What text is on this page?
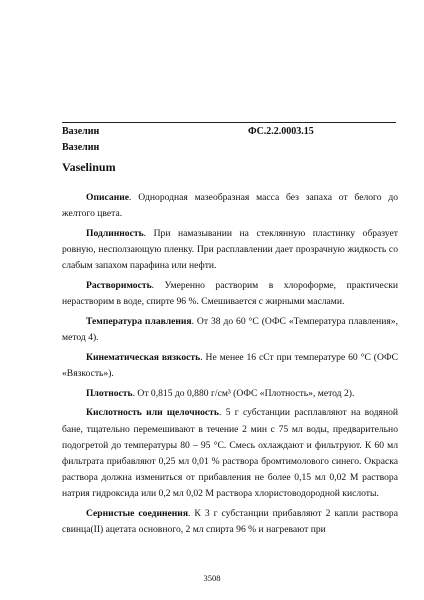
Вазелин	ФС.2.2.0003.15
Вазелин
Vaselinum

Описание. Однородная мазеобразная масса без запаха от белого до желтого цвета.

Подлинность. При намазывании на стеклянную пластинку образует ровную, несползающую пленку. При расплавлении дает прозрачную жидкость со слабым запахом парафина или нефти.

Растворимость. Умеренно растворим в хлороформе, практически нерастворим в воде, спирте 96 %. Смешивается с жирными маслами.

Температура плавления. От 38 до 60 °С (ОФС «Температура плавления», метод 4).

Кинематическая вязкость. Не менее 16 сСт при температуре 60 °С (ОФС «Вязкость»).

Плотность. От 0,815 до 0,880 г/см³ (ОФС «Плотность», метод 2).

Кислотность или щелочность. 5 г субстанции расплавляют на водяной бане, тщательно перемешивают в течение 2 мин с 75 мл воды, предварительно подогретой до температуры 80 – 95 °С. Смесь охлаждают и фильтруют. К 60 мл фильтрата прибавляют 0,25 мл 0,01 % раствора бромтимолового синего. Окраска раствора должна измениться от прибавления не более 0,15 мл 0,02 М раствора натрия гидроксида или 0,2 мл 0,02 М раствора хлористоводородной кислоты.

Сернистые соединения. К 3 г субстанции прибавляют 2 капли раствора свинца(II) ацетата основного, 2 мл спирта 96 % и нагревают при

3508
